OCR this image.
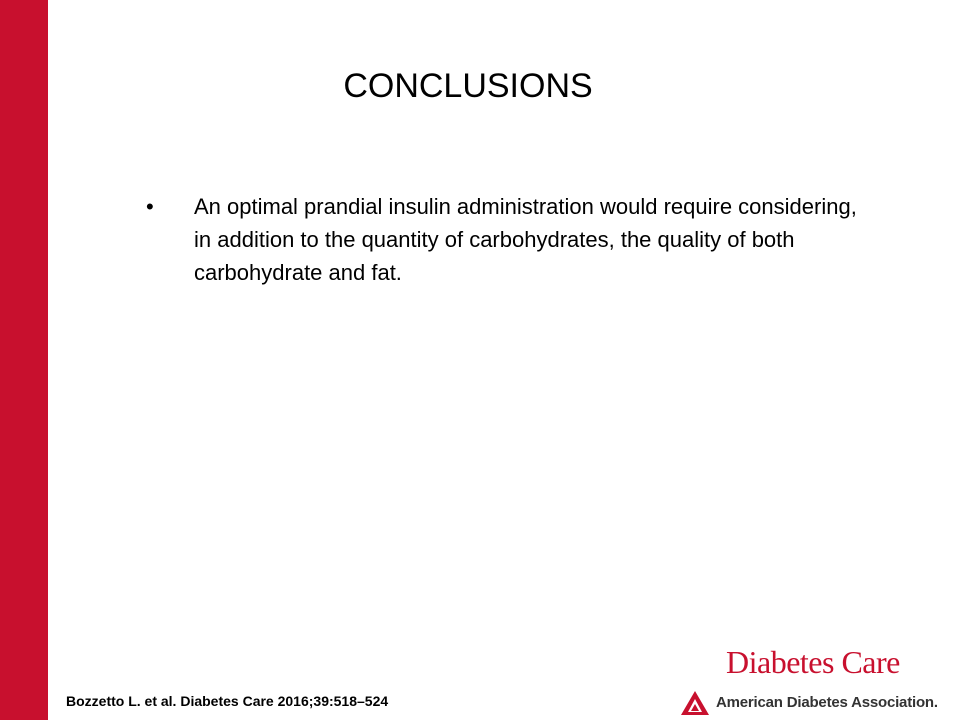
CONCLUSIONS
•	An optimal prandial insulin administration would require considering, in addition to the quantity of carbohydrates, the quality of both carbohydrate and fat.
Bozzetto L. et al. Diabetes Care 2016;39:518–524
Diabetes Care
American Diabetes Association.
